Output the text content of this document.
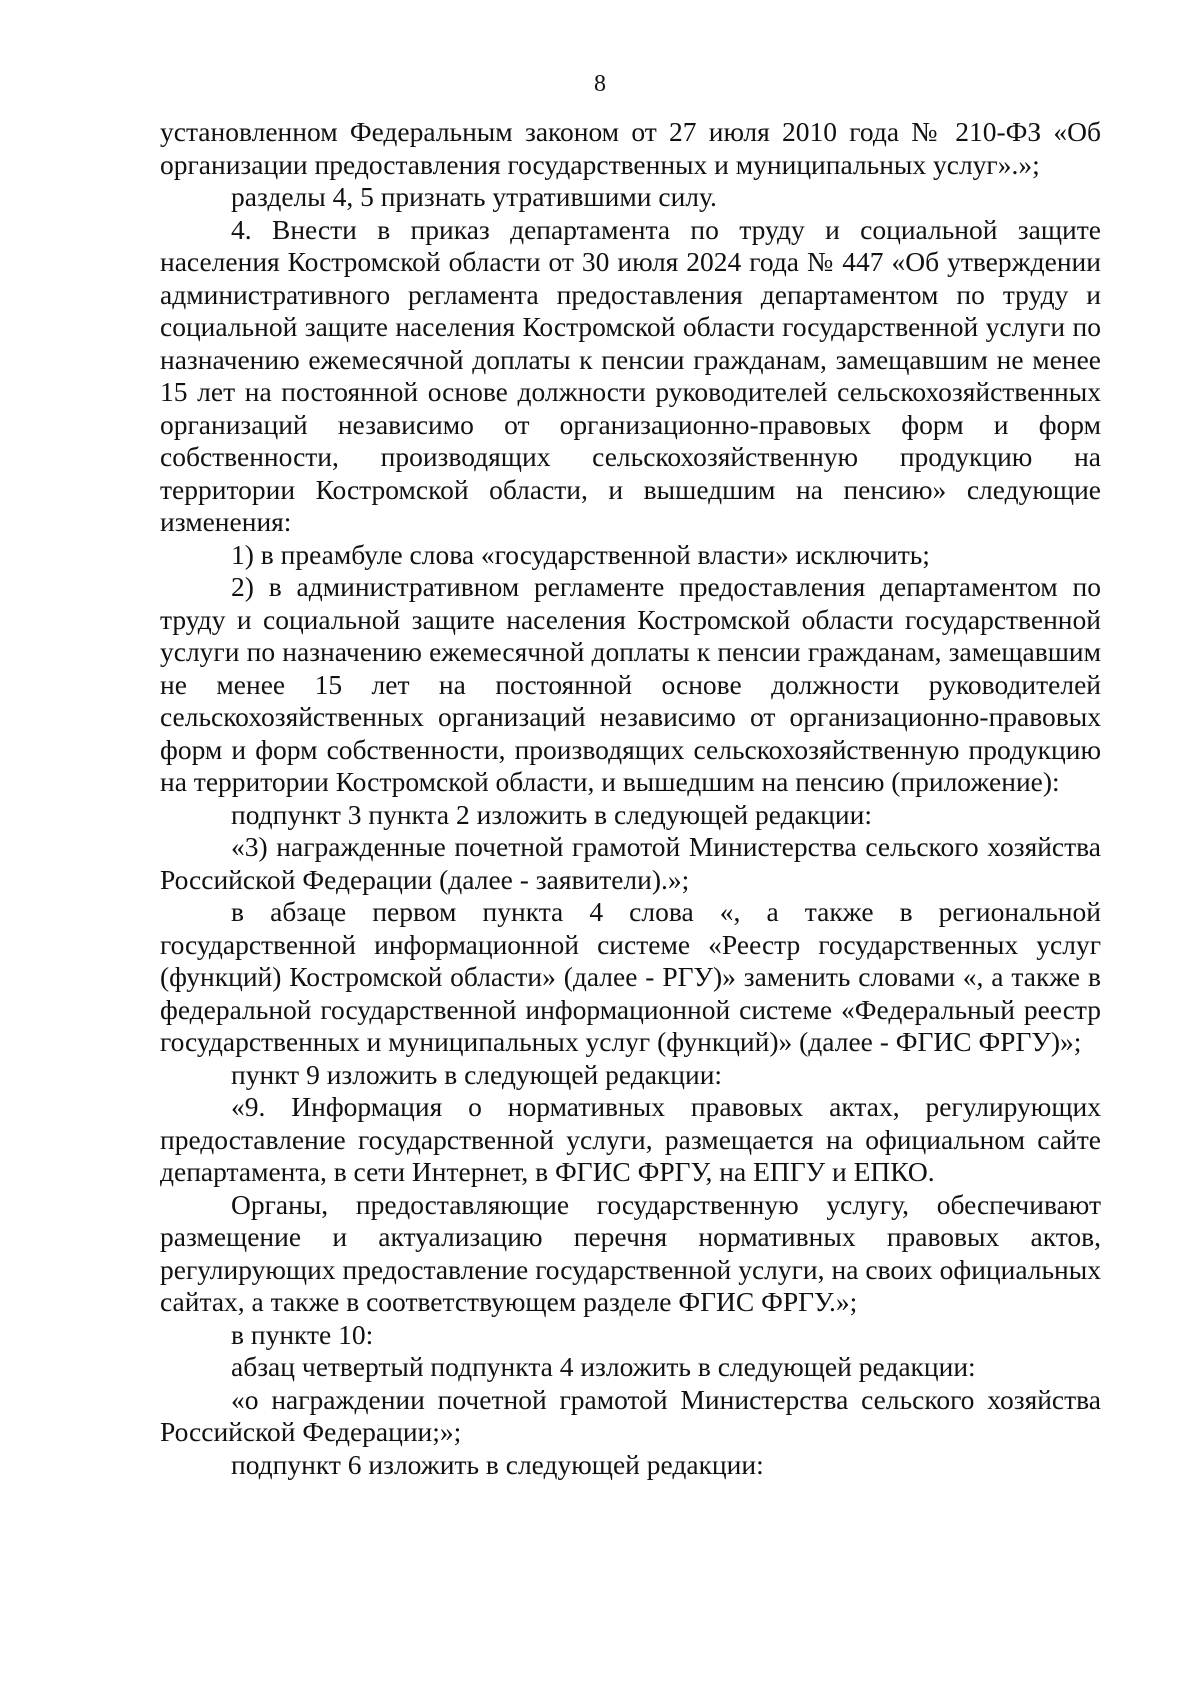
8

установленном Федеральным законом от 27 июля 2010 года № 210-ФЗ «Об организации предоставления государственных и муниципальных услуг».»;

разделы 4, 5 признать утратившими силу.

4. Внести в приказ департамента по труду и социальной защите населения Костромской области от 30 июля 2024 года № 447 «Об утверждении административного регламента предоставления департаментом по труду и социальной защите населения Костромской области государственной услуги по назначению ежемесячной доплаты к пенсии гражданам, замещавшим не менее 15 лет на постоянной основе должности руководителей сельскохозяйственных организаций независимо от организационно-правовых форм и форм собственности, производящих сельскохозяйственную продукцию на территории Костромской области, и вышедшим на пенсию» следующие изменения:

1) в преамбуле слова «государственной власти» исключить;

2) в административном регламенте предоставления департаментом по труду и социальной защите населения Костромской области государственной услуги по назначению ежемесячной доплаты к пенсии гражданам, замещавшим не менее 15 лет на постоянной основе должности руководителей сельскохозяйственных организаций независимо от организационно-правовых форм и форм собственности, производящих сельскохозяйственную продукцию на территории Костромской области, и вышедшим на пенсию (приложение):

подпункт 3 пункта 2 изложить в следующей редакции:

«3) награжденные почетной грамотой Министерства сельского хозяйства Российской Федерации (далее - заявители).»;

в абзаце первом пункта 4 слова «, а также в региональной государственной информационной системе «Реестр государственных услуг (функций) Костромской области» (далее - РГУ)» заменить словами «, а также в федеральной государственной информационной системе «Федеральный реестр государственных и муниципальных услуг (функций)» (далее - ФГИС ФРГУ)»;

пункт 9 изложить в следующей редакции:

«9. Информация о нормативных правовых актах, регулирующих предоставление государственной услуги, размещается на официальном сайте департамента, в сети Интернет, в ФГИС ФРГУ, на ЕПГУ и ЕПКО.

Органы, предоставляющие государственную услугу, обеспечивают размещение и актуализацию перечня нормативных правовых актов, регулирующих предоставление государственной услуги, на своих официальных сайтах, а также в соответствующем разделе ФГИС ФРГУ.»;

в пункте 10:

абзац четвертый подпункта 4 изложить в следующей редакции:

«о награждении почетной грамотой Министерства сельского хозяйства Российской Федерации;»;

подпункт 6 изложить в следующей редакции:
